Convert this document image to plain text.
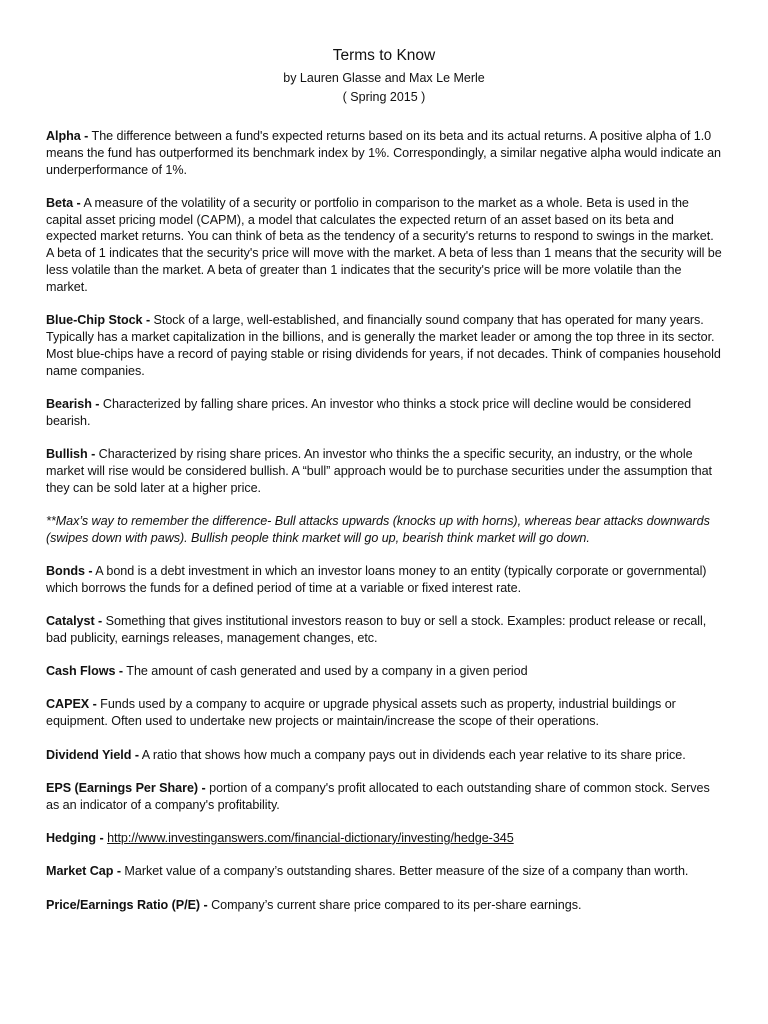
Terms to Know

by Lauren Glasse and Max Le Merle

( Spring 2015 )

Alpha - The difference between a fund's expected returns based on its beta and its actual returns. A positive alpha of 1.0 means the fund has outperformed its benchmark index by 1%. Correspondingly, a similar negative alpha would indicate an underperformance of 1%.

Beta - A measure of the volatility of a security or portfolio in comparison to the market as a whole. Beta is used in the capital asset pricing model (CAPM), a model that calculates the expected return of an asset based on its beta and expected market returns. You can think of beta as the tendency of a security's returns to respond to swings in the market. A beta of 1 indicates that the security's price will move with the market. A beta of less than 1 means that the security will be less volatile than the market. A beta of greater than 1 indicates that the security's price will be more volatile than the market.

Blue-Chip Stock - Stock of a large, well-established, and financially sound company that has operated for many years. Typically has a market capitalization in the billions, and is generally the market leader or among the top three in its sector. Most blue-chips have a record of paying stable or rising dividends for years, if not decades. Think of companies household name companies.

Bearish - Characterized by falling share prices. An investor who thinks a stock price will decline would be considered bearish.

Bullish - Characterized by rising share prices. An investor who thinks the a specific security, an industry, or the whole market will rise would be considered bullish. A “bull” approach would be to purchase securities under the assumption that they can be sold later at a higher price.

**Max’s way to remember the difference- Bull attacks upwards (knocks up with horns), whereas bear attacks downwards (swipes down with paws). Bullish people think market will go up, bearish think market will go down.

Bonds - A bond is a debt investment in which an investor loans money to an entity (typically corporate or governmental) which borrows the funds for a defined period of time at a variable or fixed interest rate.

Catalyst - Something that gives institutional investors reason to buy or sell a stock. Examples: product release or recall, bad publicity, earnings releases, management changes, etc.

Cash Flows - The amount of cash generated and used by a company in a given period

CAPEX - Funds used by a company to acquire or upgrade physical assets such as property, industrial buildings or equipment. Often used to undertake new projects or maintain/increase the scope of their operations.

Dividend Yield - A ratio that shows how much a company pays out in dividends each year relative to its share price.

EPS (Earnings Per Share) - portion of a company's profit allocated to each outstanding share of common stock. Serves as an indicator of a company's profitability.

Hedging - http://www.investinganswers.com/financial-dictionary/investing/hedge-345

Market Cap - Market value of a company’s outstanding shares. Better measure of the size of a company than worth.

Price/Earnings Ratio (P/E) - Company’s current share price compared to its per-share earnings.
